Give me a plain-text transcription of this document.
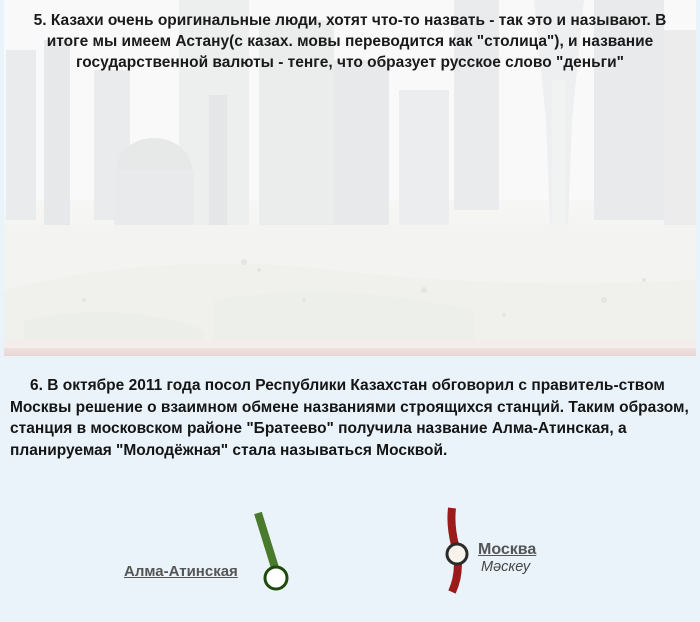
5. Казахи очень оригинальные люди, хотят что-то назвать - так это и называют. В итоге мы имеем Астану(с казах. мовы переводится как "столица"), и название государственной валюты - тенге, что образует русское слово "деньги"
6. В октябре 2011 года посол Республики Казахстан обговорил с правитель-ством Москвы решение о взаимном обмене названиями строящихся станций. Таким образом, станция в московском районе "Братеево" получила название Алма-Атинская, а планируемая "Молодёжная" стала называться Москвой.
Алма-Атинская
Москва
Мәскеу
